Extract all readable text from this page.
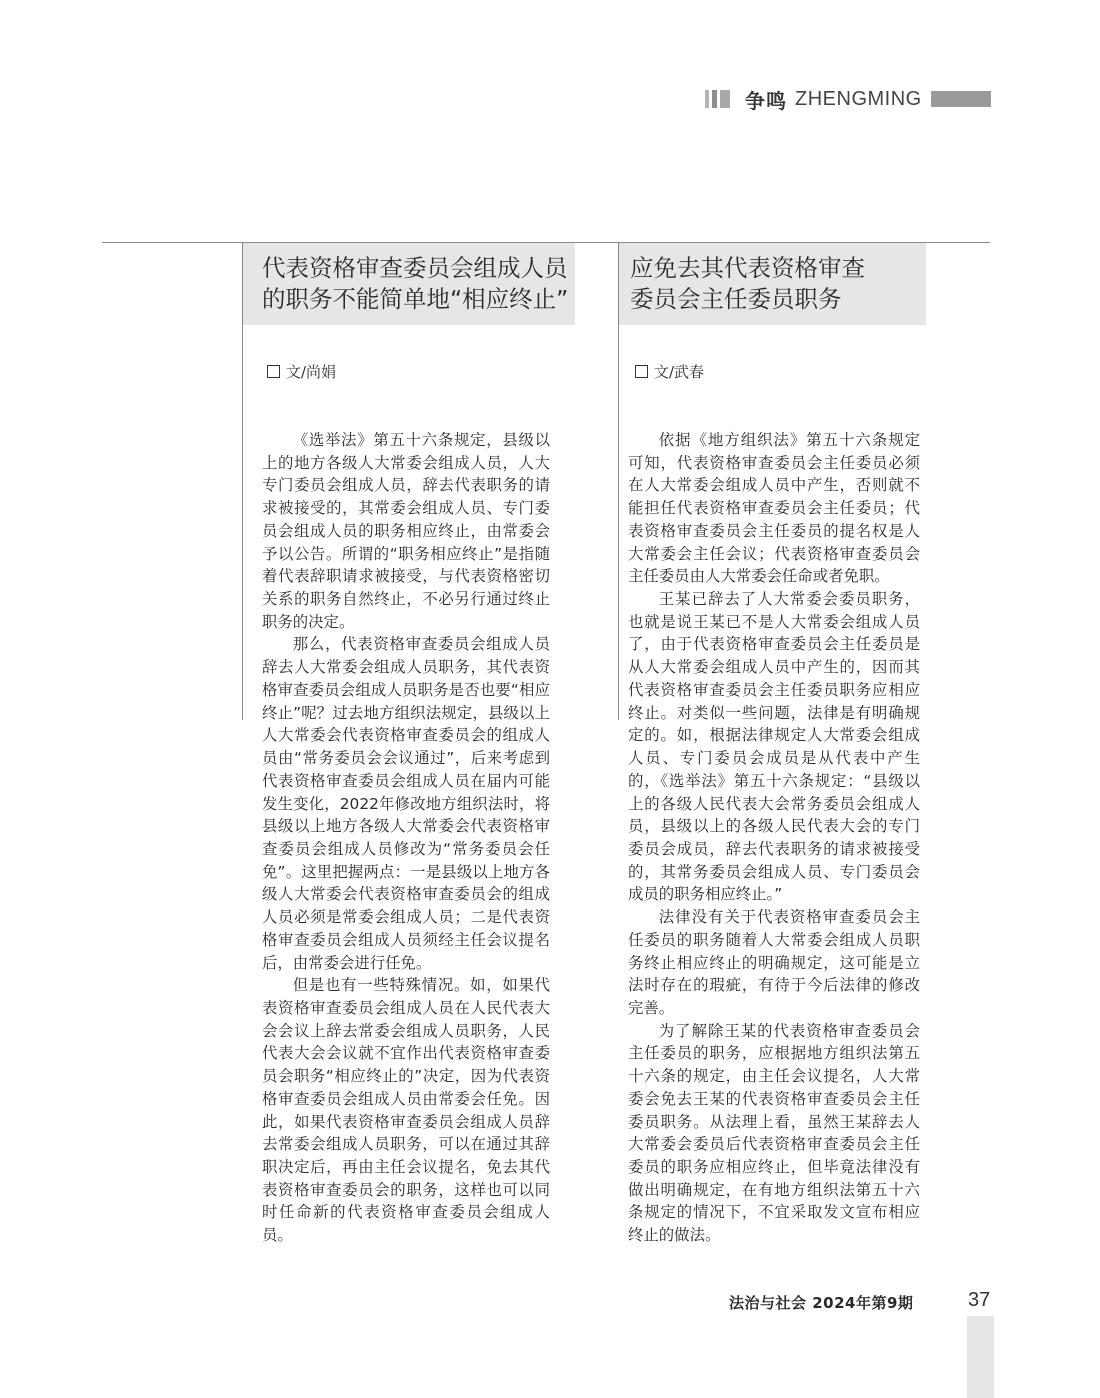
争鸣 ZHENGMING
代表资格审查委员会组成人员
的职务不能简单地“相应终止”
文/尚娟

《选举法》第五十六条规定，县级以上的地方各级人大常委会组成人员，人大专门委员会组成人员，辞去代表职务的请求被接受的，其常委会组成人员、专门委员会组成人员的职务相应终止，由常委会予以公告。所谓的“职务相应终止”是指随着代表辞职请求被接受，与代表资格密切关系的职务自然终止，不必另行通过终止职务的决定。

那么，代表资格审查委员会组成人员辞去人大常委会组成人员职务，其代表资格审查委员会组成人员职务是否也要“相应终止”呢？过去地方组织法规定，县级以上人大常委会代表资格审查委员会的组成人员由“常务委员会会议通过”，后来考虑到代表资格审查委员会组成人员在届内可能发生变化，2022年修改地方组织法时，将县级以上地方各级人大常委会代表资格审查委员会组成人员修改为“常务委员会任免”。这里把握两点：一是县级以上地方各级人大常委会代表资格审查委员会的组成人员必须是常委会组成人员；二是代表资格审查委员会组成人员须经主任会议提名后，由常委会进行任免。

但是也有一些特殊情况。如，如果代表资格审查委员会组成人员在人民代表大会会议上辞去常委会组成人员职务，人民代表大会会议就不宜作出代表资格审查委员会职务“相应终止的”决定，因为代表资格审查委员会组成人员由常委会任免。因此，如果代表资格审查委员会组成人员辞去常委会组成人员职务，可以在通过其辞职决定后，再由主任会议提名，免去其代表资格审查委员会的职务，这样也可以同时任命新的代表资格审查委员会组成人员。

应免去其代表资格审查
委员会主任委员职务
文/武春

依据《地方组织法》第五十六条规定可知，代表资格审查委员会主任委员必须在人大常委会组成人员中产生，否则就不能担任代表资格审查委员会主任委员；代表资格审查委员会主任委员的提名权是人大常委会主任会议；代表资格审查委员会主任委员由人大常委会任命或者免职。

王某已辞去了人大常委会委员职务，也就是说王某已不是人大常委会组成人员了，由于代表资格审查委员会主任委员是从人大常委会组成人员中产生的，因而其代表资格审查委员会主任委员职务应相应终止。对类似一些问题，法律是有明确规定的。如，根据法律规定人大常委会组成人员、专门委员会成员是从代表中产生的，《选举法》第五十六条规定：“县级以上的各级人民代表大会常务委员会组成人员，县级以上的各级人民代表大会的专门委员会成员，辞去代表职务的请求被接受的，其常务委员会组成人员、专门委员会成员的职务相应终止。”

法律没有关于代表资格审查委员会主任委员的职务随着人大常委会组成人员职务终止相应终止的明确规定，这可能是立法时存在的瑕疵，有待于今后法律的修改完善。

为了解除王某的代表资格审查委员会主任委员的职务，应根据地方组织法第五十六条的规定，由主任会议提名，人大常委会免去王某的代表资格审查委员会主任委员职务。从法理上看，虽然王某辞去人大常委会委员后代表资格审查委员会主任委员的职务应相应终止，但毕竟法律没有做出明确规定，在有地方组织法第五十六条规定的情况下，不宜采取发文宣布相应终止的做法。

法治与社会 2024年第9期	37
